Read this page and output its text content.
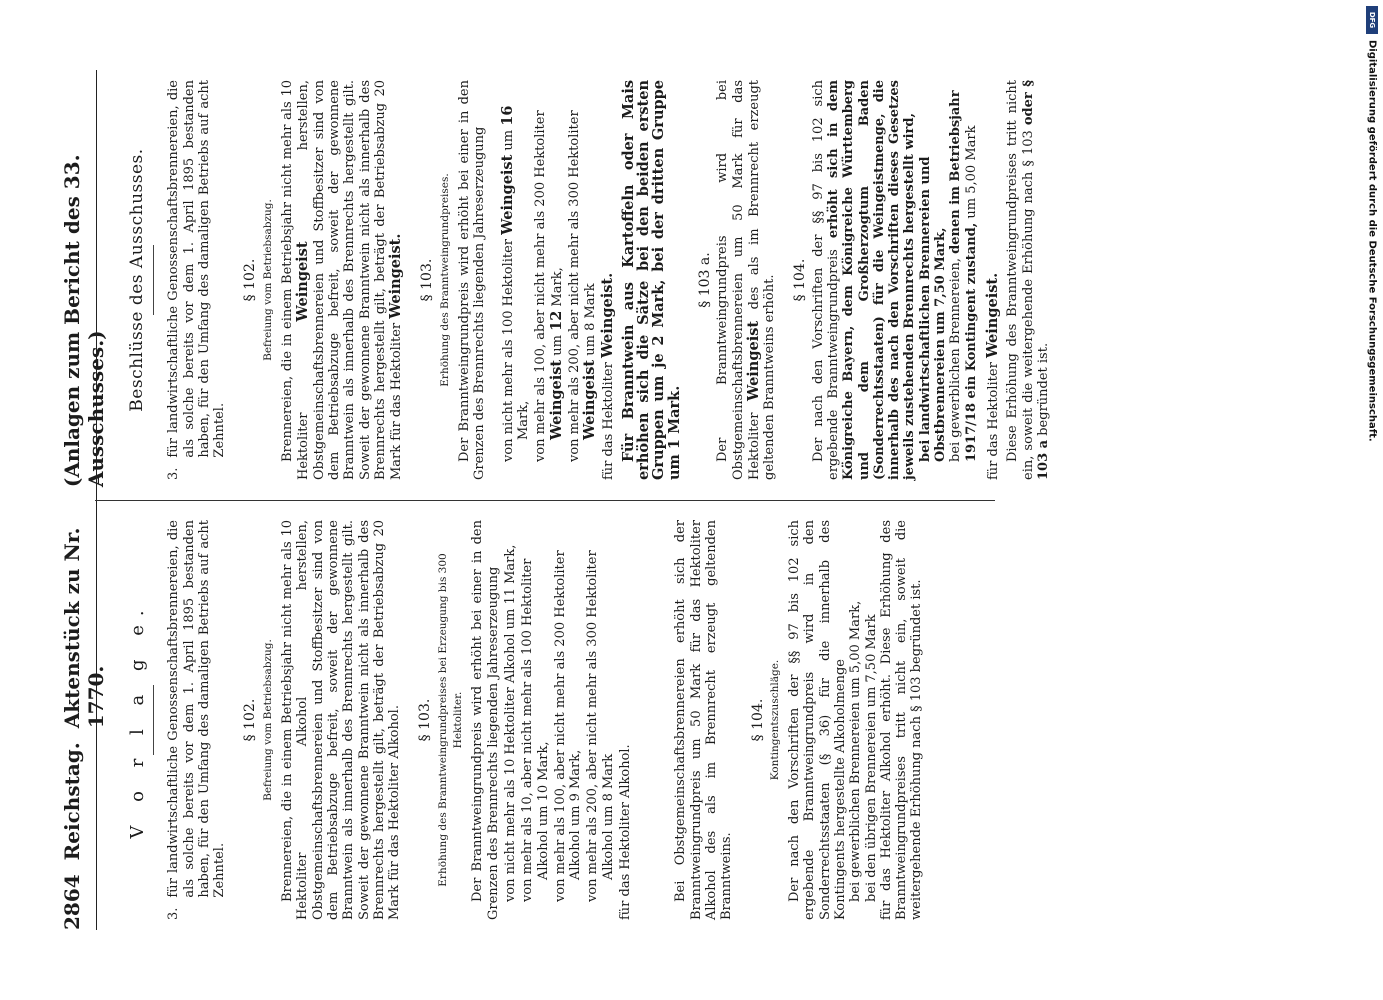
2864
Reichstag.
Aktenstück zu Nr. 1770.
(Anlagen zum Bericht des 33. Ausschusses.)

V o r l a g e.

3.
für landwirtschaftliche Genossenschaftsbrennereien, die als solche bereits vor dem 1. April 1895 bestanden haben, für den Umfang des damaligen Betriebs auf acht Zehntel.

§ 102. Befreiung vom Betriebsabzug. Brennereien, die in einem Betriebsjahr nicht mehr als 10 Hektoliter Alkohol herstellen, Obstgemeinschaftsbrennereien und Stoffbesitzer sind von dem Betriebsabzuge befreit, soweit der gewonnene Branntwein als innerhalb des Brennrechts hergestellt gilt. Soweit der gewonnene Branntwein nicht als innerhalb des Brennrechts hergestellt gilt, beträgt der Betriebsabzug 20 Mark für das Hektoliter Alkohol. § 103. Erhöhung des Branntweingrundpreises bei Erzeugung bis 300 Hektoliter. Der Branntweingrundpreis wird erhöht bei einer in den Grenzen des Brennrechts liegenden Jahreserzeugung von nicht mehr als 10 Hektoliter Alkohol um 11 Mark, von mehr als 10, aber nicht mehr als 100 Hektoliter Alkohol um 10 Mark, von mehr als 100, aber nicht mehr als 200 Hektoliter Alkohol um 9 Mark, von mehr als 200, aber nicht mehr als 300 Hektoliter Alkohol um 8 Mark für das Hektoliter Alkohol.	Bei Obstgemeinschaftsbrennereien erhöht sich der Branntweingrundpreis um 50 Mark für das Hektoliter Alkohol des als im Brennrecht erzeugt geltenden Branntweins.

§ 104. Kontingentszuschläge. Der nach den Vorschriften der §§ 97 bis 102 sich ergebende Branntweingrundpreis wird in den Sonderrechtsstaaten (§ 36) für die innerhalb des Kontingents hergestellte Alkoholmenge bei gewerblichen Brennereien um 5,00 Mark, bei den übrigen Brennereien um 7,50 Mark für das Hektoliter Alkohol erhöht. Diese Erhöhung des Branntweingrundpreises tritt nicht ein, soweit die weitergehende Erhöhung nach § 103 begründet ist.

Beschlüsse des Ausschusses.

3.
für landwirtschaftliche Genossenschaftsbrennereien, die als solche bereits vor dem 1. April 1895 bestanden haben, für den Umfang des damaligen Betriebs auf acht Zehntel.

§ 102. Befreiung vom Betriebsabzug. Brennereien, die in einem Betriebsjahr nicht mehr als 10 Hektoliter Weingeist herstellen, Obstgemeinschaftsbrennereien und Stoffbesitzer sind von dem Betriebsabzuge befreit, soweit der gewonnene Branntwein als innerhalb des Brennrechts hergestellt gilt. Soweit der gewonnene Branntwein nicht als innerhalb des Brennrechts hergestellt gilt, beträgt der Betriebsabzug 20 Mark für das Hektoliter Weingeist. § 103. Erhöhung des Branntweingrundpreises. Der Branntweingrundpreis wird erhöht bei einer in den Grenzen des Brennrechts liegenden Jahreserzeugung von nicht mehr als 100 Hektoliter Weingeist um 16 Mark, von mehr als 100, aber nicht mehr als 200 Hektoliter Weingeist um 12 Mark, von mehr als 200, aber nicht mehr als 300 Hektoliter Weingeist um 8 Mark

für das Hektoliter Weingeist. Für Branntwein aus Kartoffeln oder Mais erhöhen sich die Sätze bei den beiden ersten Gruppen um je 2 Mark, bei der dritten Gruppe um 1 Mark.

§ 103 a. Der Branntweingrundpreis wird bei Obstgemeinschaftsbrennereien um 50 Mark für das Hektoliter Weingeist des als im Brennrecht erzeugt geltenden Branntweins erhöht. § 104. Der nach den Vorschriften der §§ 97 bis 102 sich ergebende Branntweingrundpreis erhöht sich in dem Königreiche Bayern, dem Königreiche Württemberg und dem Großherzogtum Baden (Sonderrechtsstaaten) für die Weingeistmenge, die innerhalb des nach den Vorschriften dieses Gesetzes jeweils zustehenden Brennrechts hergestellt wird, bei landwirtschaftlichen Brennereien und Obstbrennereien um 7,50 Mark, bei gewerblichen Brennereien, denen im Betriebsjahr 1917/18 ein Kontingent zustand, um 5,00 Mark

für das Hektoliter Weingeist. Diese Erhöhung des Branntweingrundpreises tritt nicht ein, soweit die weitergehende Erhöhung nach § 103 oder § 103 a begründet ist.

DFG
Digitalisierung gefördert durch die Deutsche Forschungsgemeinschaft.
